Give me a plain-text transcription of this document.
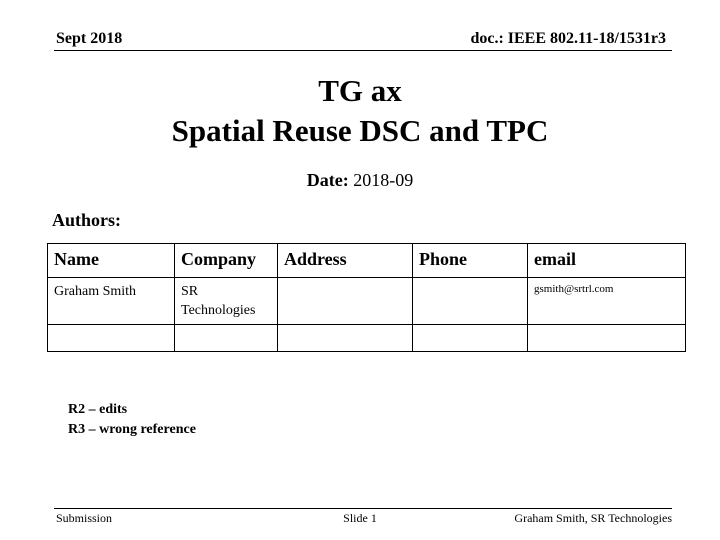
Sept 2018	doc.: IEEE 802.11-18/1531r3
TG ax
Spatial Reuse DSC and TPC
Date: 2018-09
Authors:
Name	Company	Address	Phone	email
Graham Smith	SR Technologies			gsmith@srtrl.com

R2 – edits
R3 – wrong reference
Submission	Slide 1	Graham Smith, SR Technologies
